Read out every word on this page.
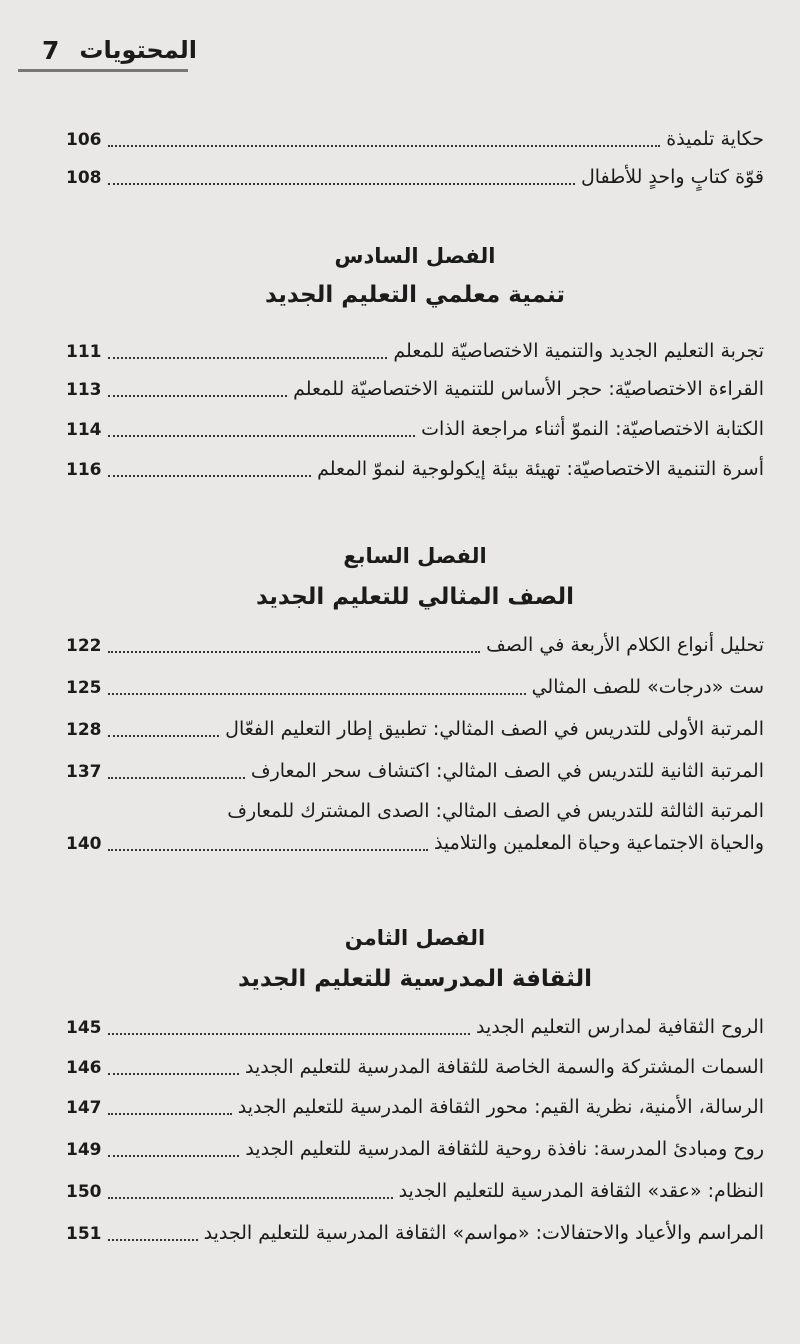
7 المحتويات
حكاية تلميذة
106
قوّة كتابٍ واحدٍ للأطفال
108
الفصل السادس
تنمية معلمي التعليم الجديد
تجربة التعليم الجديد والتنمية الاختصاصيّة للمعلم
111
القراءة الاختصاصيّة: حجر الأساس للتنمية الاختصاصيّة للمعلم
113
الكتابة الاختصاصيّة: النموّ أثناء مراجعة الذات
114
أسرة التنمية الاختصاصيّة: تهيئة بيئة إيكولوجية لنموّ المعلم
116
الفصل السابع
الصف المثالي للتعليم الجديد
تحليل أنواع الكلام الأربعة في الصف
122
ست «درجات» للصف المثالي
125
المرتبة الأولى للتدريس في الصف المثالي: تطبيق إطار التعليم الفعّال
128
المرتبة الثانية للتدريس في الصف المثالي: اكتشاف سحر المعارف
137
المرتبة الثالثة للتدريس في الصف المثالي: الصدى المشترك للمعارف
والحياة الاجتماعية وحياة المعلمين والتلاميذ
140
الفصل الثامن
الثقافة المدرسية للتعليم الجديد
الروح الثقافية لمدارس التعليم الجديد
145
السمات المشتركة والسمة الخاصة للثقافة المدرسية للتعليم الجديد
146
الرسالة، الأمنية، نظرية القيم: محور الثقافة المدرسية للتعليم الجديد
147
روح ومبادئ المدرسة: نافذة روحية للثقافة المدرسية للتعليم الجديد
149
النظام: «عقد» الثقافة المدرسية للتعليم الجديد
150
المراسم والأعياد والاحتفالات: «مواسم» الثقافة المدرسية للتعليم الجديد
151
